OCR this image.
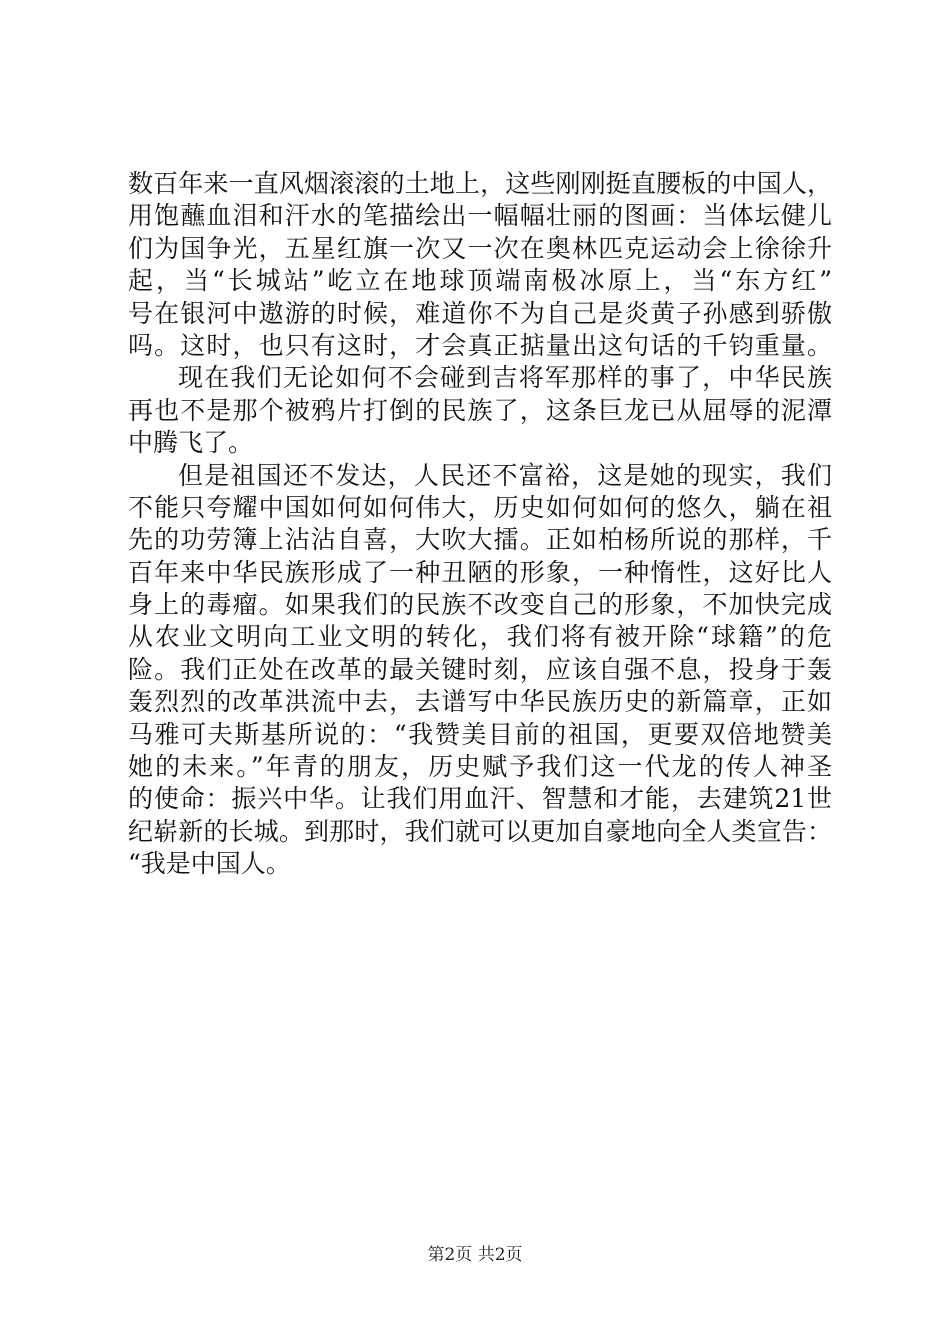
数百年来一直风烟滚滚的土地上，这些刚刚挺直腰板的中国人，
用饱蘸血泪和汗水的笔描绘出一幅幅壮丽的图画：当体坛健儿
们为国争光，五星红旗一次又一次在奥林匹克运动会上徐徐升
起，当“长城站”屹立在地球顶端南极冰原上，当“东方红”
号在银河中遨游的时候，难道你不为自己是炎黄子孙感到骄傲
吗。这时，也只有这时，才会真正掂量出这句话的千钧重量。
现在我们无论如何不会碰到吉将军那样的事了，中华民族
再也不是那个被鸦片打倒的民族了，这条巨龙已从屈辱的泥潭
中腾飞了。
但是祖国还不发达，人民还不富裕，这是她的现实，我们
不能只夸耀中国如何如何伟大，历史如何如何的悠久，躺在祖
先的功劳簿上沾沾自喜，大吹大擂。正如柏杨所说的那样，千
百年来中华民族形成了一种丑陋的形象，一种惰性，这好比人
身上的毒瘤。如果我们的民族不改变自己的形象，不加快完成
从农业文明向工业文明的转化，我们将有被开除“球籍”的危
险。我们正处在改革的最关键时刻，应该自强不息，投身于轰
轰烈烈的改革洪流中去，去谱写中华民族历史的新篇章，正如
马雅可夫斯基所说的：“我赞美目前的祖国，更要双倍地赞美
她的未来。”年青的朋友，历史赋予我们这一代龙的传人神圣
的使命：振兴中华。让我们用血汗、智慧和才能，去建筑21世
纪崭新的长城。到那时，我们就可以更加自豪地向全人类宣告：
“我是中国人。
第2页 共2页
